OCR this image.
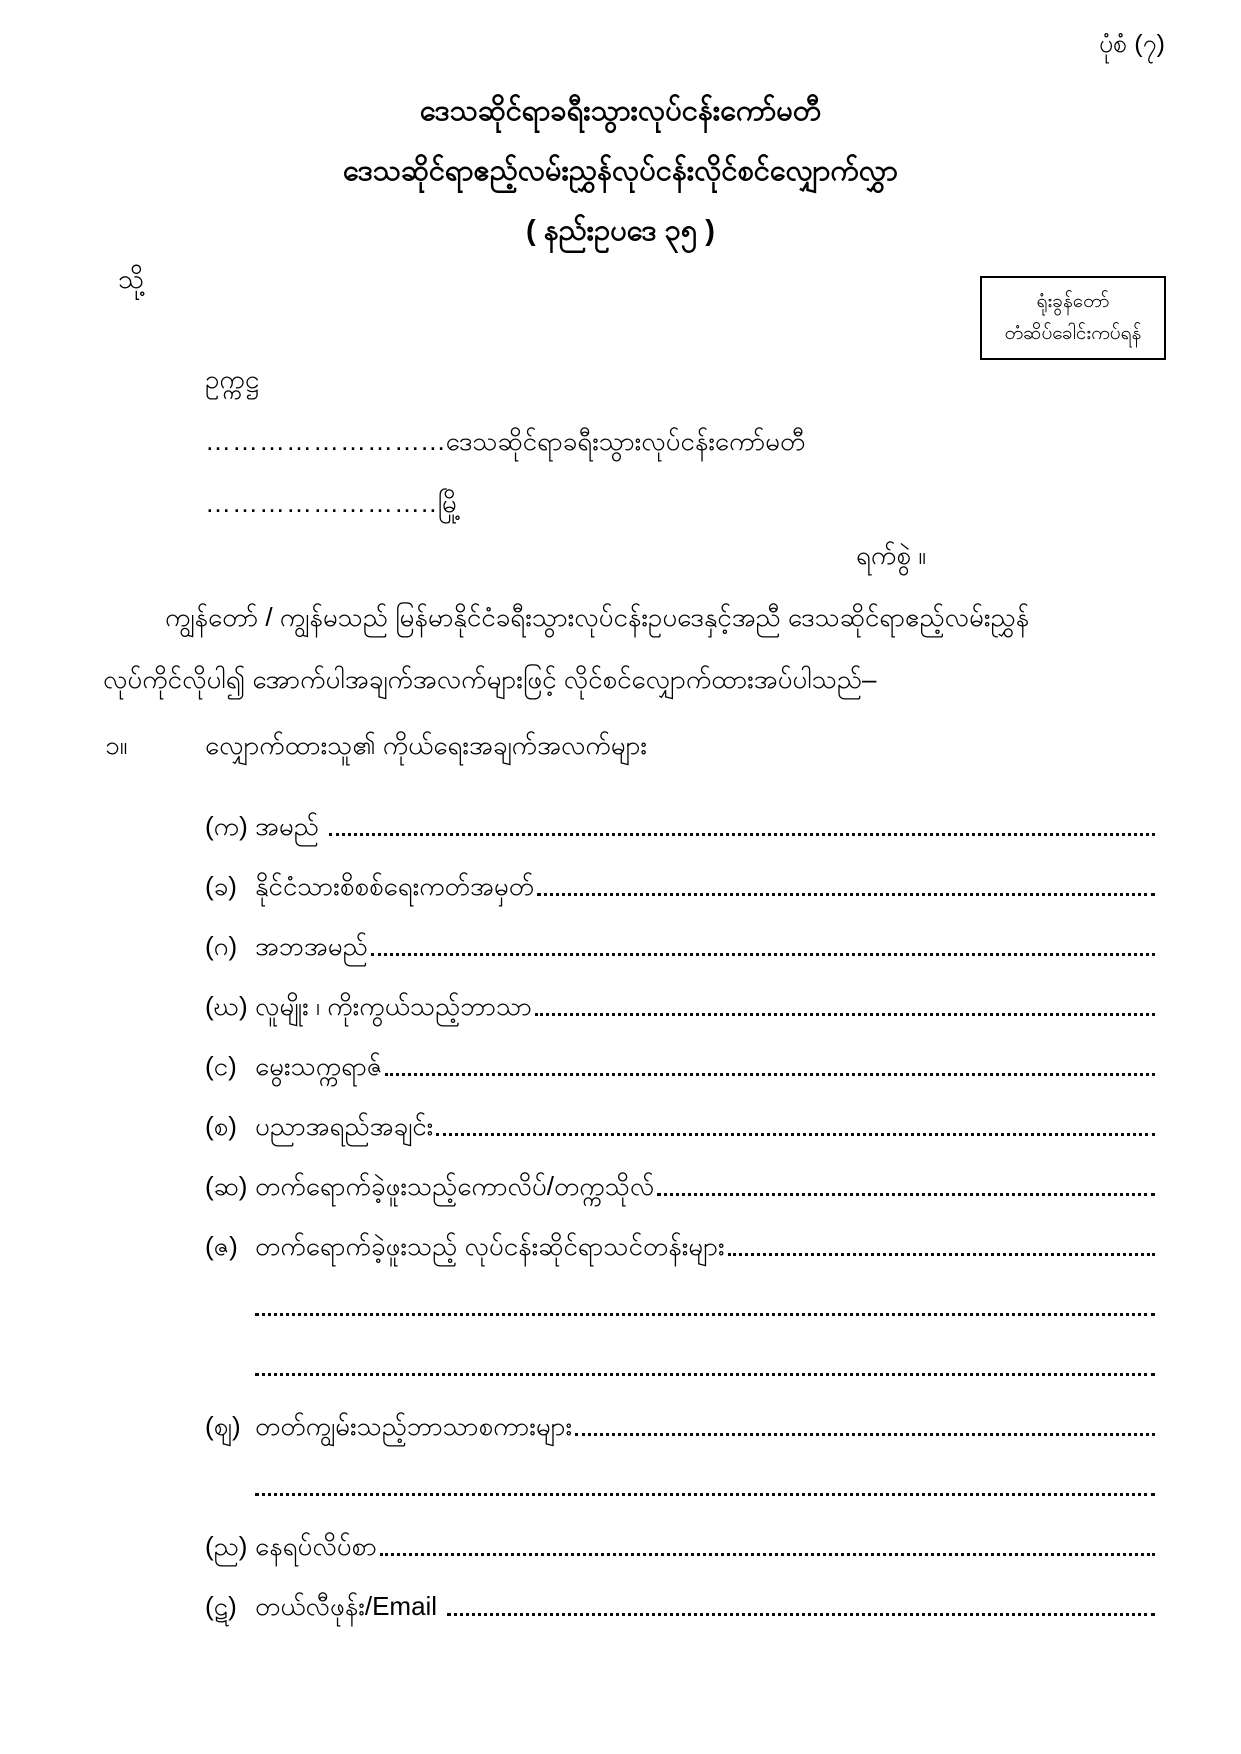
ပုံစံ (၇)
ဒေသဆိုင်ရာခရီးသွားလုပ်ငန်းကော်မတီ
ဒေသဆိုင်ရာဧည့်လမ်းညွှန်လုပ်ငန်းလိုင်စင်လျှောက်လွှာ
( နည်းဥပဒေ ၃၅ )
သို့
ရုံးခွန်တော်
တံဆိပ်ခေါင်းကပ်ရန်
ဥက္ကဋ္ဌ
……………………...ဒေသဆိုင်ရာခရီးသွားလုပ်ငန်းကော်မတီ
……………………..မြို့
ရက်စွဲ ။
ကျွန်တော် / ကျွန်မသည် မြန်မာနိုင်ငံခရီးသွားလုပ်ငန်းဥပဒေနှင့်အညီ ဒေသဆိုင်ရာဧည့်လမ်းညွှန်
လုပ်ကိုင်လိုပါ၍ အောက်ပါအချက်အလက်များဖြင့် လိုင်စင်လျှောက်ထားအပ်ပါသည်–
၁။	လျှောက်ထားသူ၏ ကိုယ်ရေးအချက်အလက်များ
(က) အမည်
(ခ) နိုင်ငံသားစိစစ်ရေးကတ်အမှတ်
(ဂ) အဘအမည်
(ဃ) လူမျိုး ၊ ကိုးကွယ်သည့်ဘာသာ
(င) မွေးသက္ကရာဇ်
(စ) ပညာအရည်အချင်း
(ဆ) တက်ရောက်ခဲ့ဖူးသည့်ကောလိပ်/တက္ကသိုလ်
(ဇ) တက်ရောက်ခဲ့ဖူးသည့် လုပ်ငန်းဆိုင်ရာသင်တန်းများ
(ဈ) တတ်ကျွမ်းသည့်ဘာသာစကားများ
(ည) နေရပ်လိပ်စာ
(ဋ) တယ်လီဖုန်း/Email
